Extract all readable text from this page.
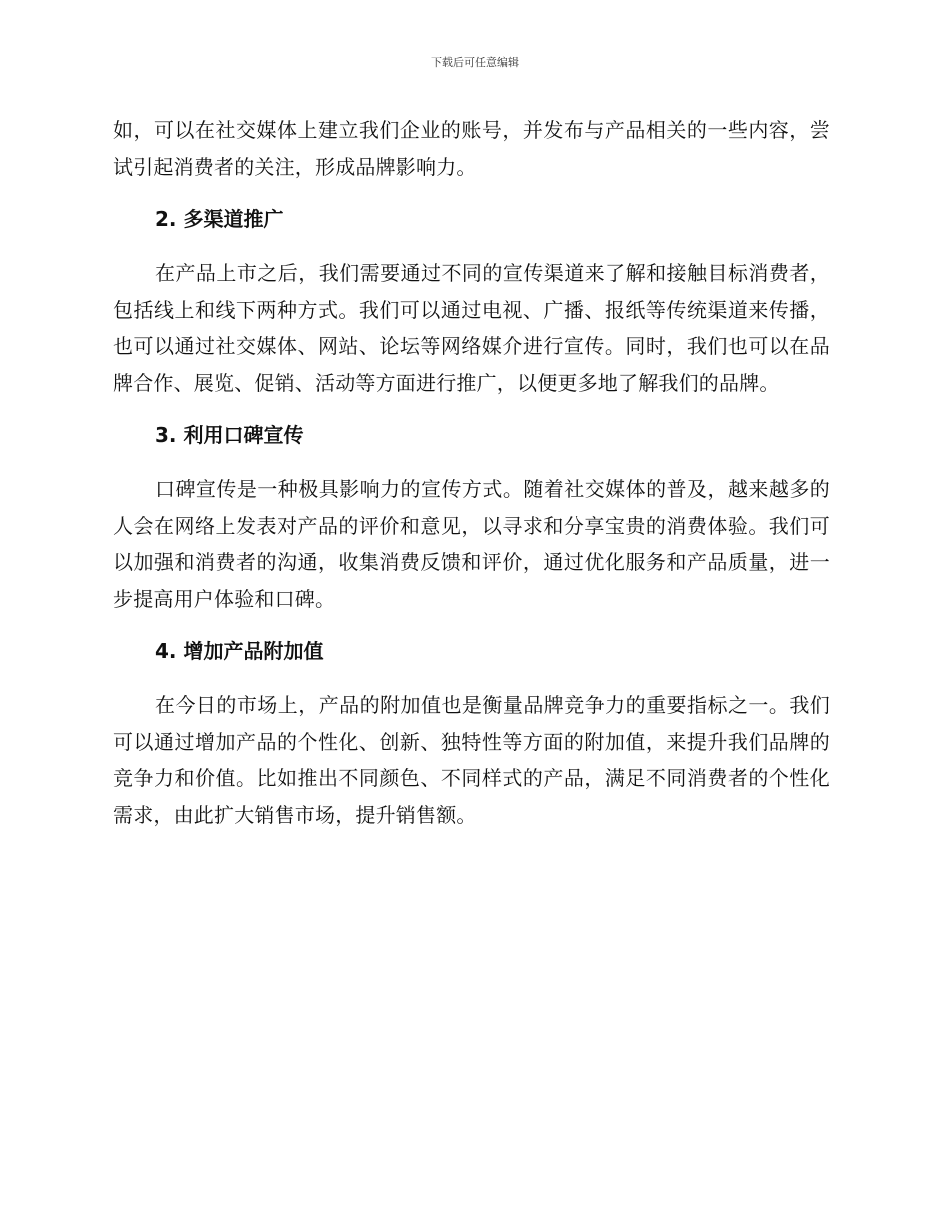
下载后可任意编辑

如，可以在社交媒体上建立我们企业的账号，并发布与产品相关的一些内容，尝试引起消费者的关注，形成品牌影响力。

2. 多渠道推广

在产品上市之后，我们需要通过不同的宣传渠道来了解和接触目标消费者，包括线上和线下两种方式。我们可以通过电视、广播、报纸等传统渠道来传播，也可以通过社交媒体、网站、论坛等网络媒介进行宣传。同时，我们也可以在品牌合作、展览、促销、活动等方面进行推广，以便更多地了解我们的品牌。

3. 利用口碑宣传

口碑宣传是一种极具影响力的宣传方式。随着社交媒体的普及，越来越多的人会在网络上发表对产品的评价和意见，以寻求和分享宝贵的消费体验。我们可以加强和消费者的沟通，收集消费反馈和评价，通过优化服务和产品质量，进一步提高用户体验和口碑。

4. 增加产品附加值

在今日的市场上，产品的附加值也是衡量品牌竞争力的重要指标之一。我们可以通过增加产品的个性化、创新、独特性等方面的附加值，来提升我们品牌的竞争力和价值。比如推出不同颜色、不同样式的产品，满足不同消费者的个性化需求，由此扩大销售市场，提升销售额。
